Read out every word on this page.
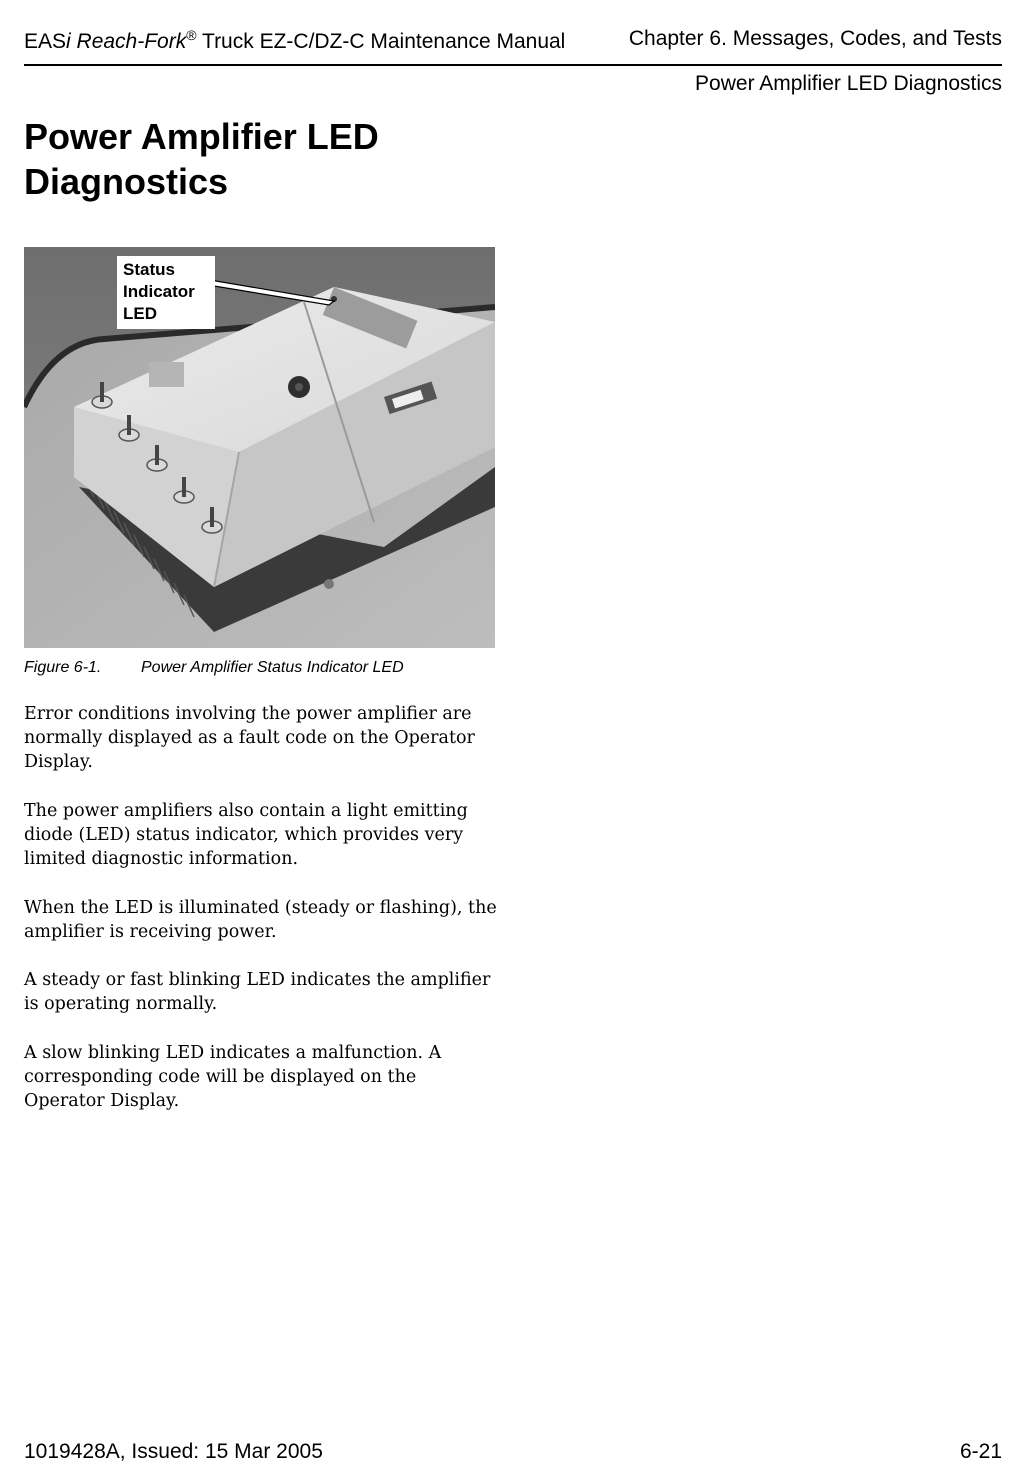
EASi Reach-Fork® Truck EZ-C/DZ-C Maintenance Manual	Chapter 6. Messages, Codes, and Tests
Power Amplifier LED Diagnostics
Power Amplifier LED Diagnostics
Status
Indicator
LED
Figure 6-1. Power Amplifier Status Indicator LED

Error conditions involving the power amplifier are normally displayed as a fault code on the Operator Display.

The power amplifiers also contain a light emitting diode (LED) status indicator, which provides very limited diagnostic information.

When the LED is illuminated (steady or flashing), the amplifier is receiving power.

A steady or fast blinking LED indicates the amplifier is operating normally.

A slow blinking LED indicates a malfunction. A corresponding code will be displayed on the Operator Display.

1019428A, Issued: 15 Mar 2005	6-21
